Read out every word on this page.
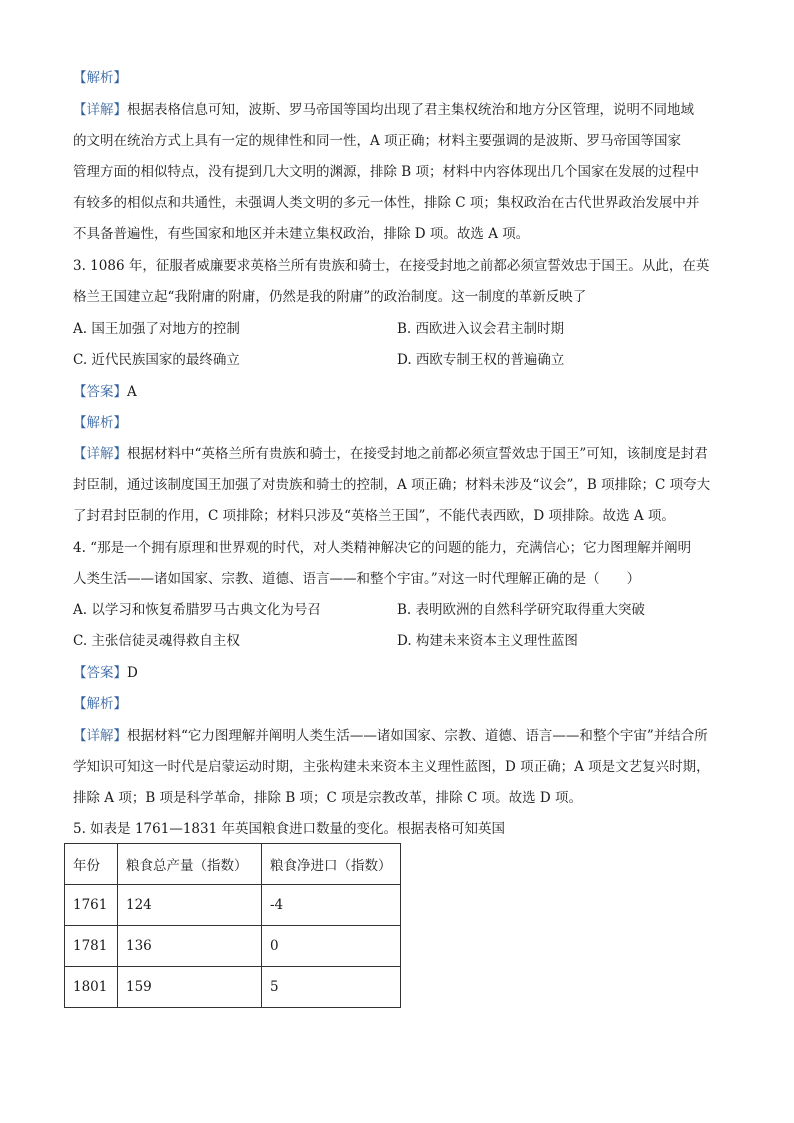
【解析】
【详解】根据表格信息可知，波斯、罗马帝国等国均出现了君主集权统治和地方分区管理，说明不同地域
的文明在统治方式上具有一定的规律性和同一性，A 项正确；材料主要强调的是波斯、罗马帝国等国家
管理方面的相似特点，没有提到几大文明的渊源，排除 B 项；材料中内容体现出几个国家在发展的过程中
有较多的相似点和共通性，未强调人类文明的多元一体性，排除 C 项；集权政治在古代世界政治发展中并
不具备普遍性，有些国家和地区并未建立集权政治，排除 D 项。故选 A 项。
3. 1086 年，征服者威廉要求英格兰所有贵族和骑士，在接受封地之前都必须宣誓效忠于国王。从此，在英
格兰王国建立起“我附庸的附庸，仍然是我的附庸”的政治制度。这一制度的革新反映了
A. 国王加强了对地方的控制	B. 西欧进入议会君主制时期
C. 近代民族国家的最终确立	D. 西欧专制王权的普遍确立
【答案】A
【解析】
【详解】根据材料中“英格兰所有贵族和骑士，在接受封地之前都必须宣誓效忠于国王”可知，该制度是封君
封臣制，通过该制度国王加强了对贵族和骑士的控制，A 项正确；材料未涉及“议会”，B 项排除；C 项夸大
了封君封臣制的作用，C 项排除；材料只涉及“英格兰王国”，不能代表西欧，D 项排除。故选 A 项。
4. “那是一个拥有原理和世界观的时代，对人类精神解决它的问题的能力，充满信心；它力图理解并阐明
人类生活——诸如国家、宗教、道德、语言——和整个宇宙。”对这一时代理解正确的是（　　）
A. 以学习和恢复希腊罗马古典文化为号召	B. 表明欧洲的自然科学研究取得重大突破
C. 主张信徒灵魂得救自主权	D. 构建未来资本主义理性蓝图
【答案】D
【解析】
【详解】根据材料“它力图理解并阐明人类生活——诸如国家、宗教、道德、语言——和整个宇宙”并结合所
学知识可知这一时代是启蒙运动时期，主张构建未来资本主义理性蓝图，D 项正确；A 项是文艺复兴时期，
排除 A 项；B 项是科学革命，排除 B 项；C 项是宗教改革，排除 C 项。故选 D 项。
5. 如表是 1761—1831 年英国粮食进口数量的变化。根据表格可知英国
年份	粮食总产量（指数）	粮食净进口（指数）
1761	124	-4
1781	136	0
1801	159	5
